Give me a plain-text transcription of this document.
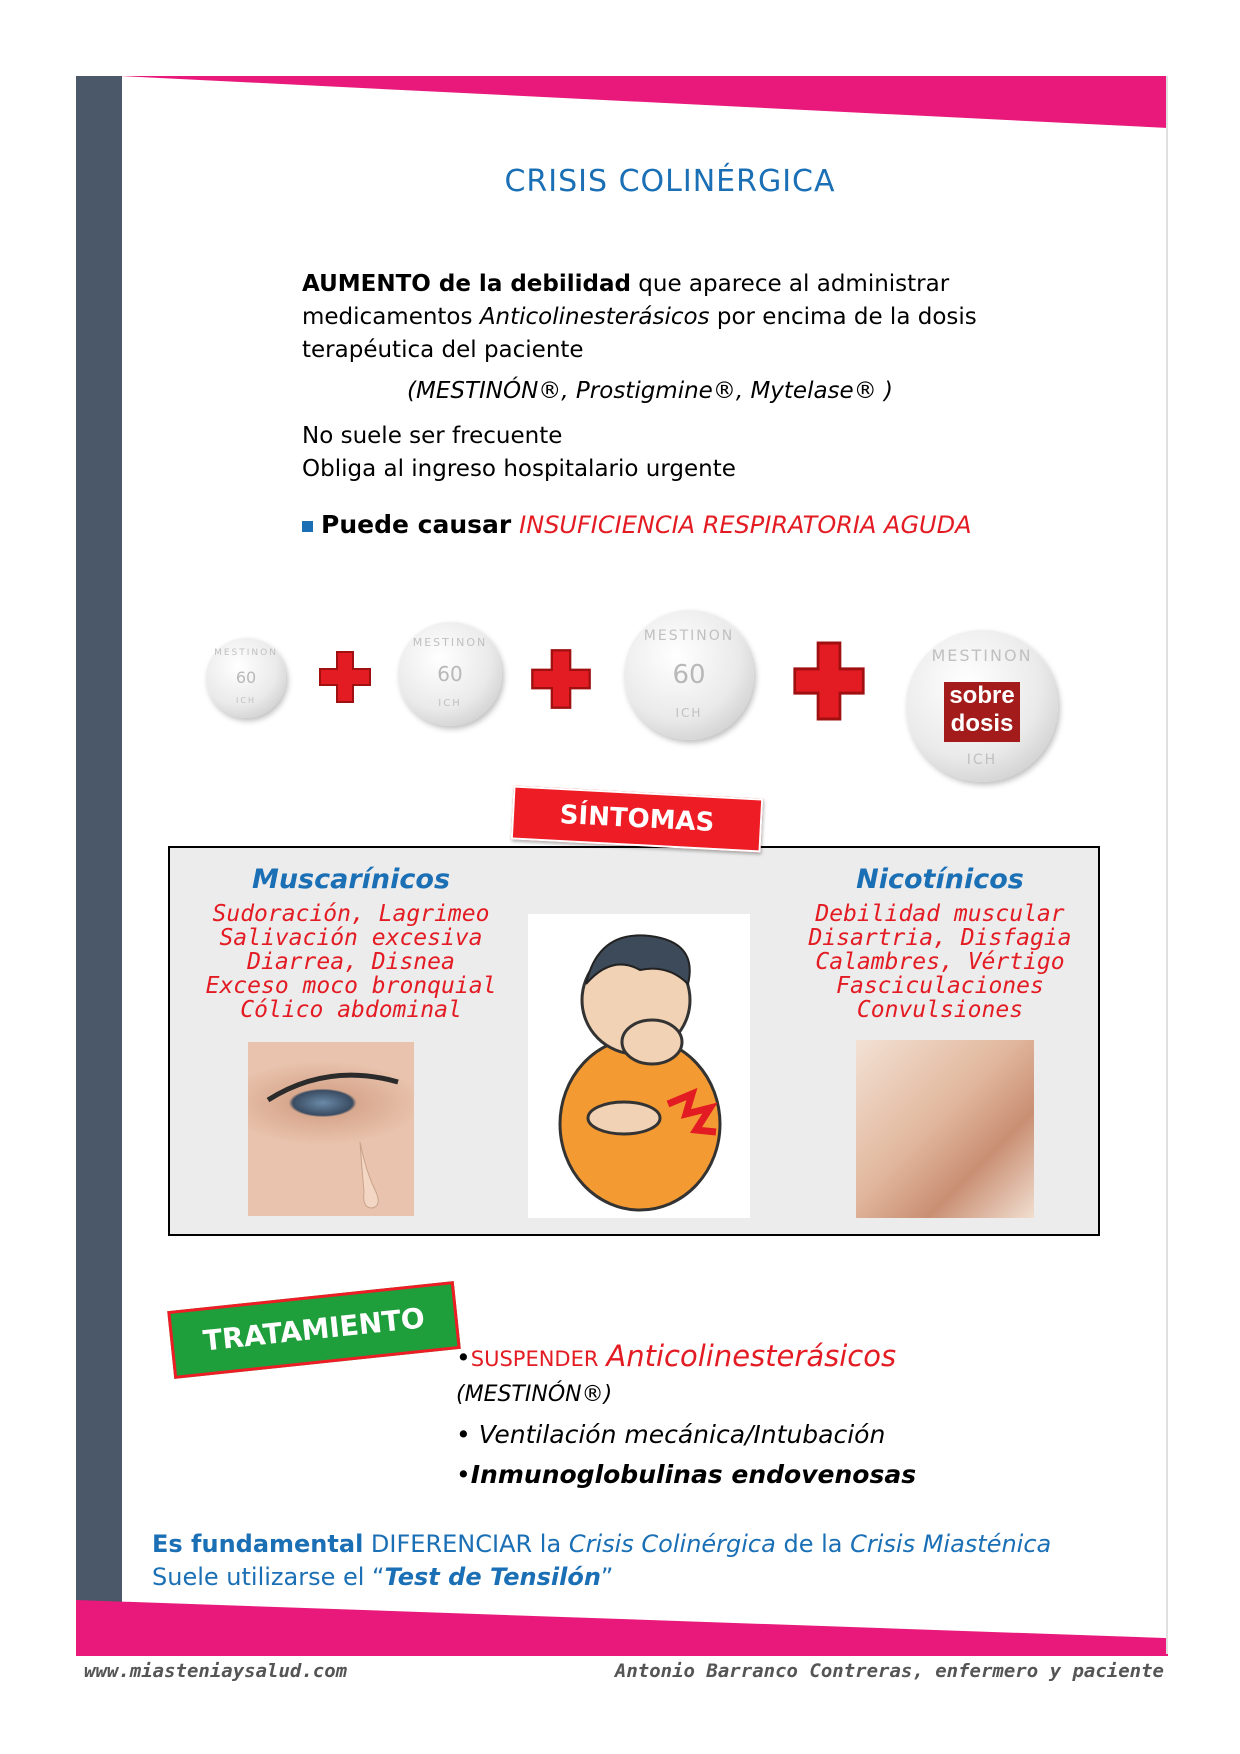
CRISIS COLINÉRGICA
AUMENTO de la debilidad que aparece al administrar medicamentos Anticolinesterásicos por encima de la dosis terapéutica del paciente
(MESTINÓN®, Prostigmine®, Mytelase® )
No suele ser frecuente
Obliga al ingreso hospitalario urgente
Puede causar INSUFICIENCIA RESPIRATORIA AGUDA
MESTINON
60
ICH
MESTINON
60
ICH
MESTINON
60
ICH
MESTINON
sobre
dosis
ICH
SÍNTOMAS
Muscarínicos
Sudoración, Lagrimeo
Salivación excesiva
Diarrea, Disnea
Exceso moco bronquial
Cólico abdominal
Nicotínicos
Debilidad muscular
Disartria, Disfagia
Calambres, Vértigo
Fasciculaciones
Convulsiones
TRATAMIENTO	•SUSPENDER Anticolinesterásicos
(MESTINÓN®)
• Ventilación mecánica/Intubación
•Inmunoglobulinas endovenosas
Es fundamental DIFERENCIAR la Crisis Colinérgica de la Crisis Miasténica
Suele utilizarse el “Test de Tensilón”
www.miasteniaysalud.com	Antonio Barranco Contreras, enfermero y paciente
